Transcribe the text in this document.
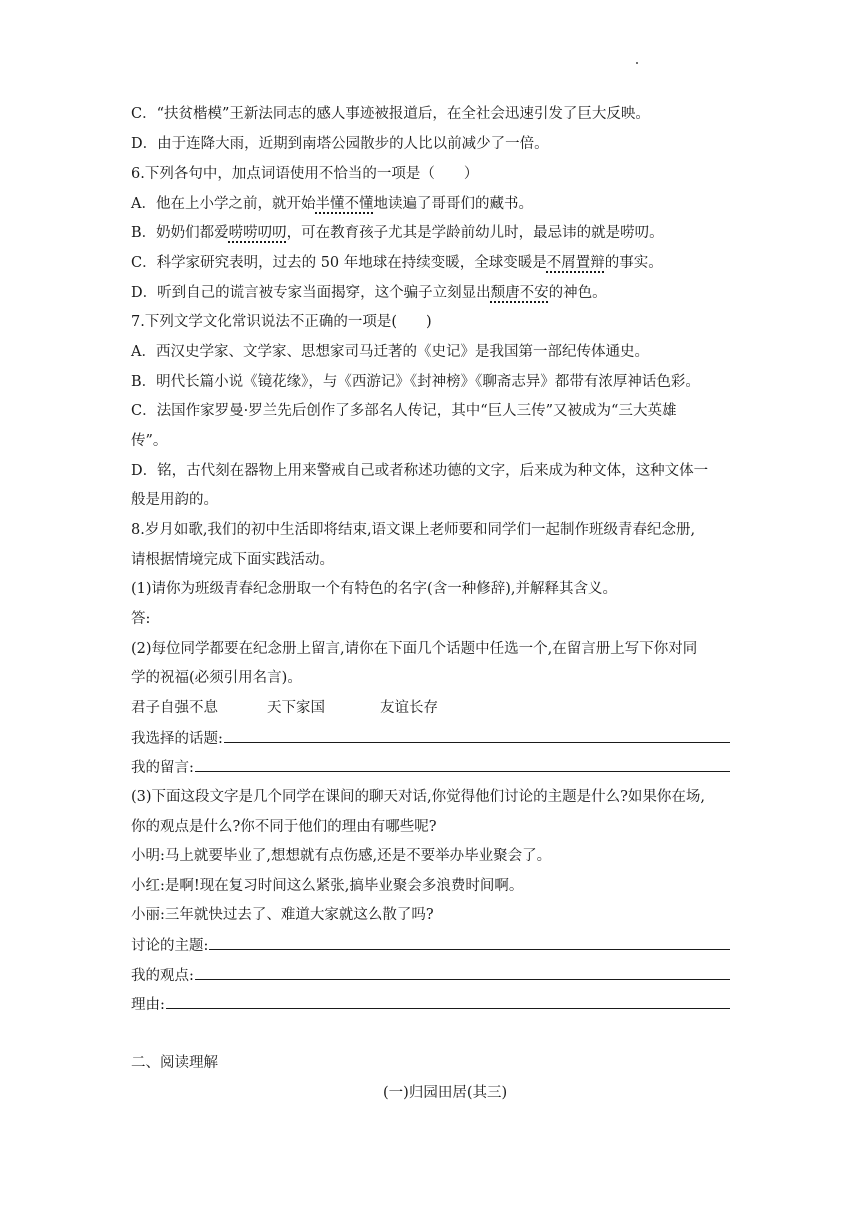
C．“扶贫楷模”王新法同志的感人事迹被报道后，在全社会迅速引发了巨大反映。
D．由于连降大雨，近期到南塔公园散步的人比以前减少了一倍。
6.下列各句中，加点词语使用不恰当的一项是（　　）
A．他在上小学之前，就开始半懂不懂地读遍了哥哥们的藏书。
B．奶奶们都爱唠唠叨叨，可在教育孩子尤其是学龄前幼儿时，最忌讳的就是唠叨。
C．科学家研究表明，过去的 50 年地球在持续变暖，全球变暖是不屑置辩的事实。
D．听到自己的谎言被专家当面揭穿，这个骗子立刻显出颓唐不安的神色。
7.下列文学文化常识说法不正确的一项是(　　)
A．西汉史学家、文学家、思想家司马迁著的《史记》是我国第一部纪传体通史。
B．明代长篇小说《镜花缘》，与《西游记》《封神榜》《聊斋志异》都带有浓厚神话色彩。
C．法国作家罗曼·罗兰先后创作了多部名人传记，其中“巨人三传”又被成为“三大英雄
传”。
D．铭，古代刻在器物上用来警戒自己或者称述功德的文字，后来成为种文体，这种文体一
般是用韵的。
8.岁月如歌,我们的初中生活即将结束,语文课上老师要和同学们一起制作班级青春纪念册,
请根据情境完成下面实践活动。
(1)请你为班级青春纪念册取一个有特色的名字(含一种修辞),并解释其含义。
答:
(2)每位同学都要在纪念册上留言,请你在下面几个话题中任选一个,在留言册上写下你对同
学的祝福(必须引用名言)。
君子自强不息	天下家国	友谊长存
我选择的话题:
我的留言:
(3)下面这段文字是几个同学在课间的聊天对话,你觉得他们讨论的主题是什么?如果你在场,
你的观点是什么?你不同于他们的理由有哪些呢?
小明:马上就要毕业了,想想就有点伤感,还是不要举办毕业聚会了。
小红:是啊!现在复习时间这么紧张,搞毕业聚会多浪费时间啊。
小丽:三年就快过去了、难道大家就这么散了吗?
讨论的主题:
我的观点:
理由:
二、阅读理解
(一)归园田居(其三)
